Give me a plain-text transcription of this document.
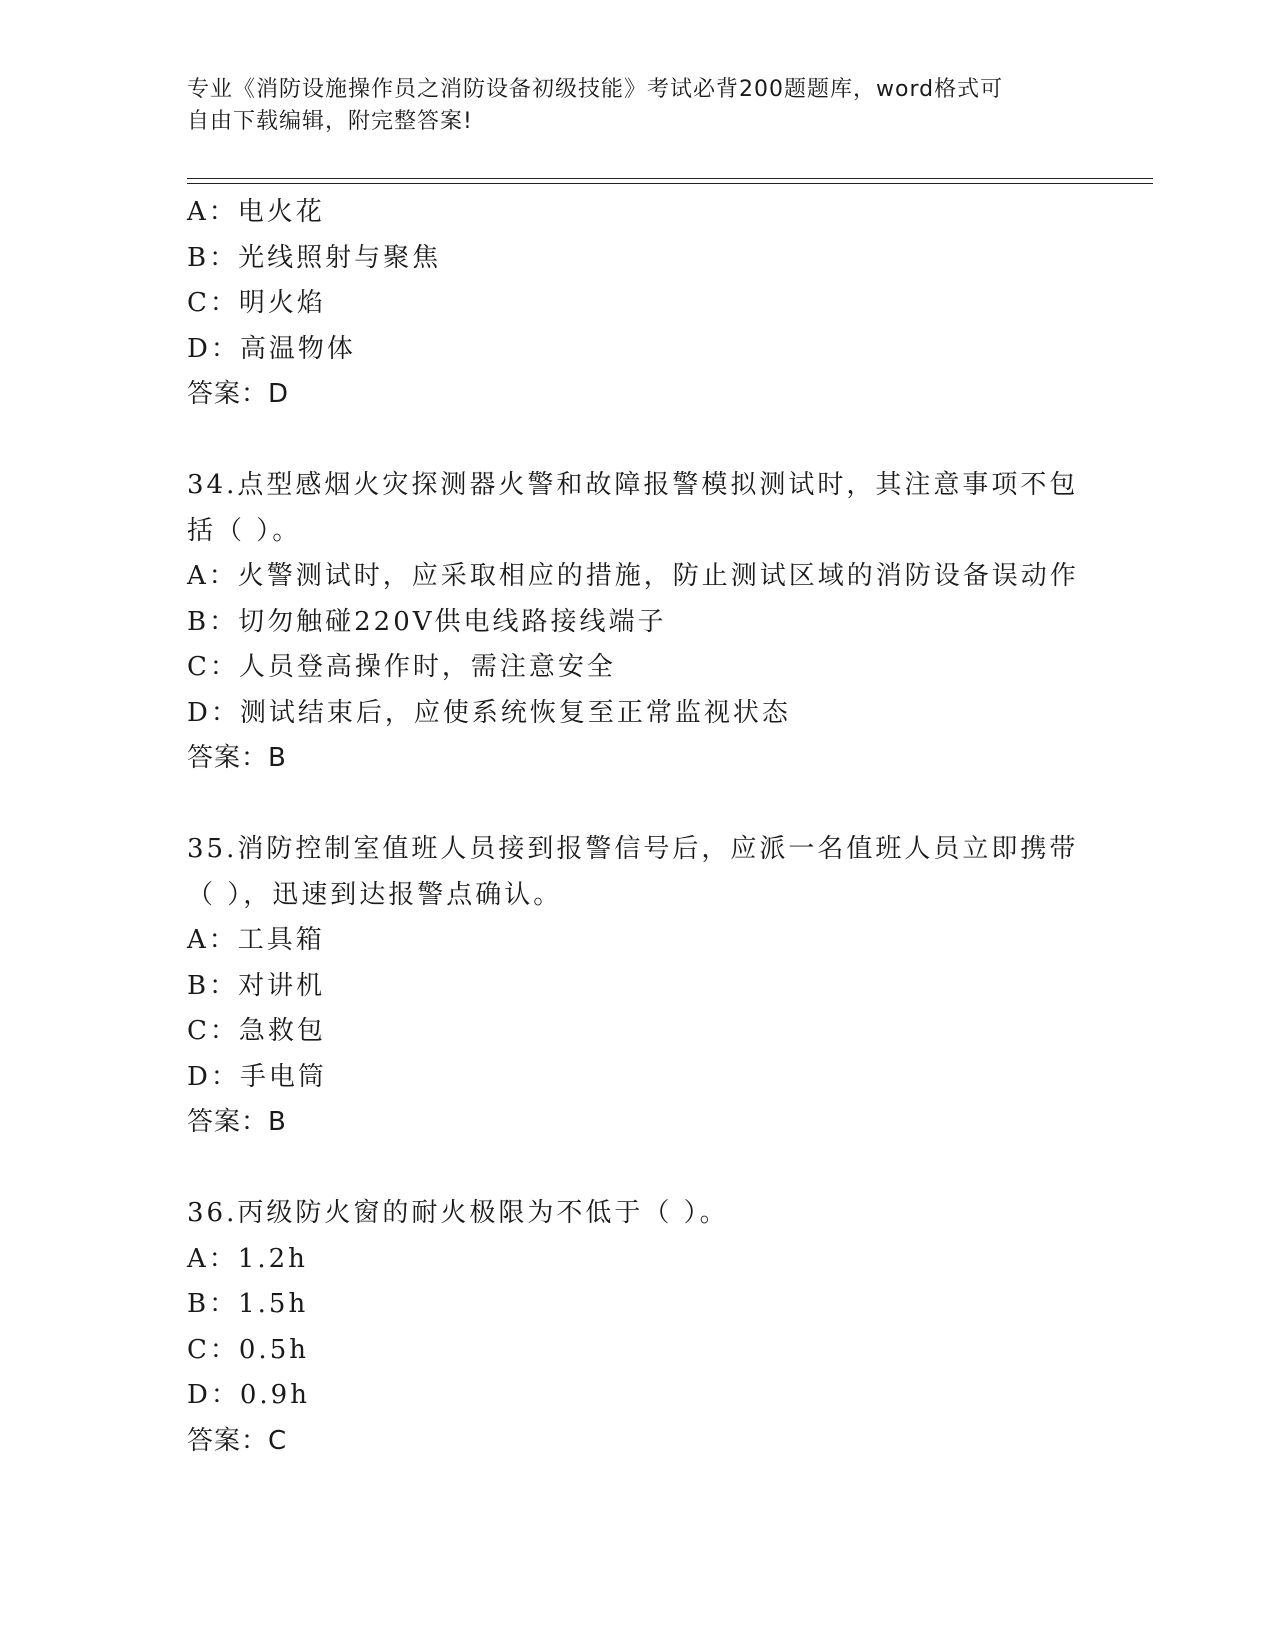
专业《消防设施操作员之消防设备初级技能》考试必背200题题库，word格式可
自由下载编辑，附完整答案!
A：电火花
B：光线照射与聚焦
C：明火焰
D：高温物体
答案：D
34.点型感烟火灾探测器火警和故障报警模拟测试时，其注意事项不包
括（ ）。
A：火警测试时，应采取相应的措施，防止测试区域的消防设备误动作
B：切勿触碰220V供电线路接线端子
C：人员登高操作时，需注意安全
D：测试结束后，应使系统恢复至正常监视状态
答案：B
35.消防控制室值班人员接到报警信号后，应派一名值班人员立即携带
（ ），迅速到达报警点确认。
A：工具箱
B：对讲机
C：急救包
D：手电筒
答案：B
36.丙级防火窗的耐火极限为不低于（ ）。
A：1.2h
B：1.5h
C：0.5h
D：0.9h
答案：C
